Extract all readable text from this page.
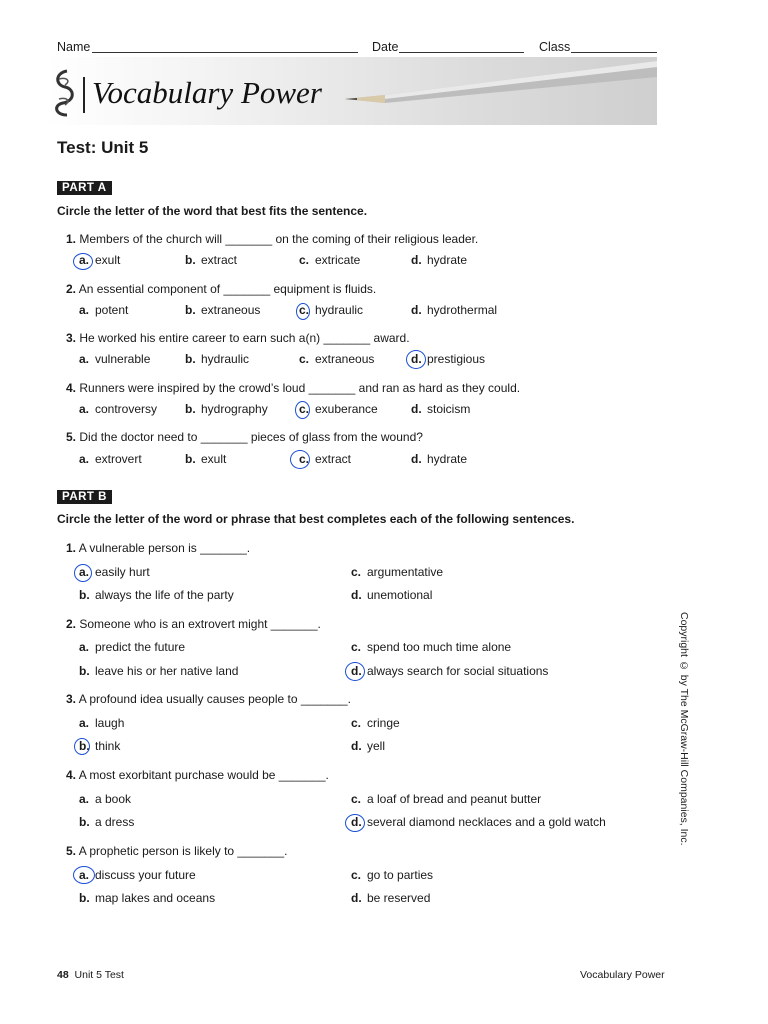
Name	Date	Class
Vocabulary Power
Test: Unit 5
PART A
Circle the letter of the word that best fits the sentence.
1. Members of the church will _______ on the coming of their religious leader.
a. exult	b. extract	c. extricate	d. hydrate
2. An essential component of _______ equipment is fluids.
a. potent	b. extraneous	c. hydraulic	d. hydrothermal
3. He worked his entire career to earn such a(n) _______ award.
a. vulnerable	b. hydraulic	c. extraneous	d. prestigious
4. Runners were inspired by the crowd’s loud _______ and ran as hard as they could.
a. controversy b. hydrography	c. exuberance	d. stoicism
5. Did the doctor need to _______ pieces of glass from the wound?
a. extrovert	b. exult	c. extract	d. hydrate
PART B
Circle the letter of the word or phrase that best completes each of the following sentences.
1. A vulnerable person is _______.
a. easily hurt	c. argumentative
b. always the life of the party	d. unemotional
2. Someone who is an extrovert might _______.
a. predict the future	c. spend too much time alone
b. leave his or her native land	d. always search for social situations
3. A profound idea usually causes people to _______.
a. laugh	c. cringe
b. think	d. yell
4. A most exorbitant purchase would be _______.
a. a book	c. a loaf of bread and peanut butter
b. a dress	d. several diamond necklaces and a gold watch
5. A prophetic person is likely to _______.
a. discuss your future	c. go to parties
b. map lakes and oceans	d. be reserved
Copyright © by The McGraw-Hill Companies, Inc.
48 Unit 5 Test	Vocabulary Power
